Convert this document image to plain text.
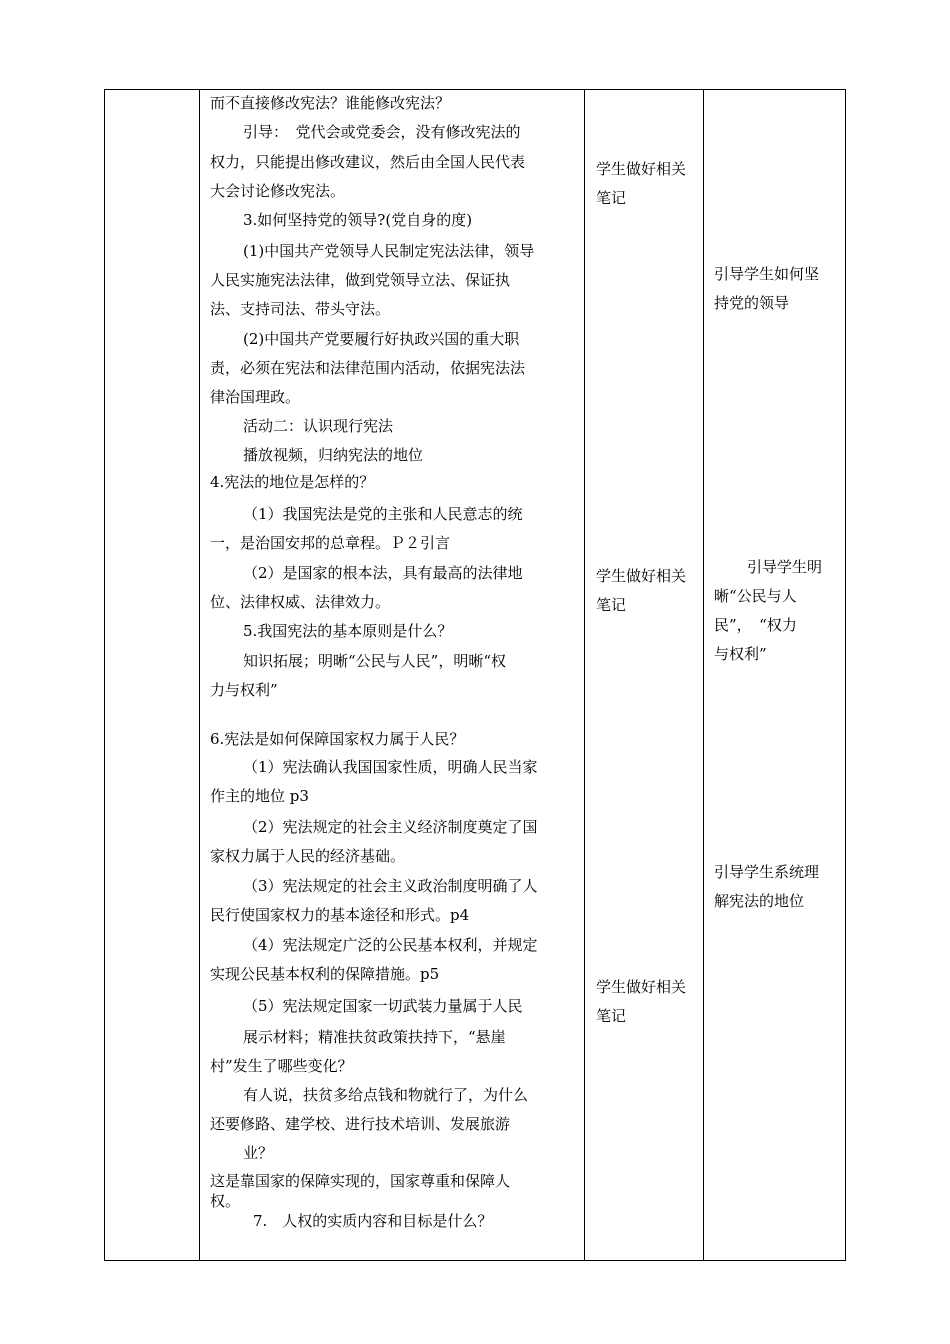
而不直接修改宪法？谁能修改宪法？
引导：　党代会或党委会，没有修改宪法的
权力，只能提出修改建议，然后由全国人民代表
大会讨论修改宪法。
3.如何坚持党的领导?(党自身的度)
(1)中国共产党领导人民制定宪法法律，领导
人民实施宪法法律，做到党领导立法、保证执
法、支持司法、带头守法。
(2)中国共产党要履行好执政兴国的重大职
责，必须在宪法和法律范围内活动，依据宪法法
律治国理政。
活动二：认识现行宪法
播放视频，归纳宪法的地位
4.宪法的地位是怎样的？
（1）我国宪法是党的主张和人民意志的统
一，是治国安邦的总章程。Ｐ２引言
（2）是国家的根本法，具有最高的法律地
位、法律权威、法律效力。
5.我国宪法的基本原则是什么？
知识拓展；明晰“公民与人民”，明晰“权
力与权利”
6.宪法是如何保障国家权力属于人民？
（1）宪法确认我国国家性质，明确人民当家
作主的地位 p3
（2）宪法规定的社会主义经济制度奠定了国
家权力属于人民的经济基础。
（3）宪法规定的社会主义政治制度明确了人
民行使国家权力的基本途径和形式。p4
（4）宪法规定广泛的公民基本权利，并规定
实现公民基本权利的保障措施。p5
（5）宪法规定国家一切武装力量属于人民
展示材料；精准扶贫政策扶持下，“悬崖
村”发生了哪些变化？
有人说，扶贫多给点钱和物就行了，为什么
还要修路、建学校、进行技术培训、发展旅游
业？
这是靠国家的保障实现的，国家尊重和保障人
权。
7.　人权的实质内容和目标是什么？
学生做好相关
笔记
学生做好相关
笔记
学生做好相关
笔记
引导学生如何坚
持党的领导
引导学生明
晰“公民与人
民”，　“权力
与权利”
引导学生系统理
解宪法的地位
